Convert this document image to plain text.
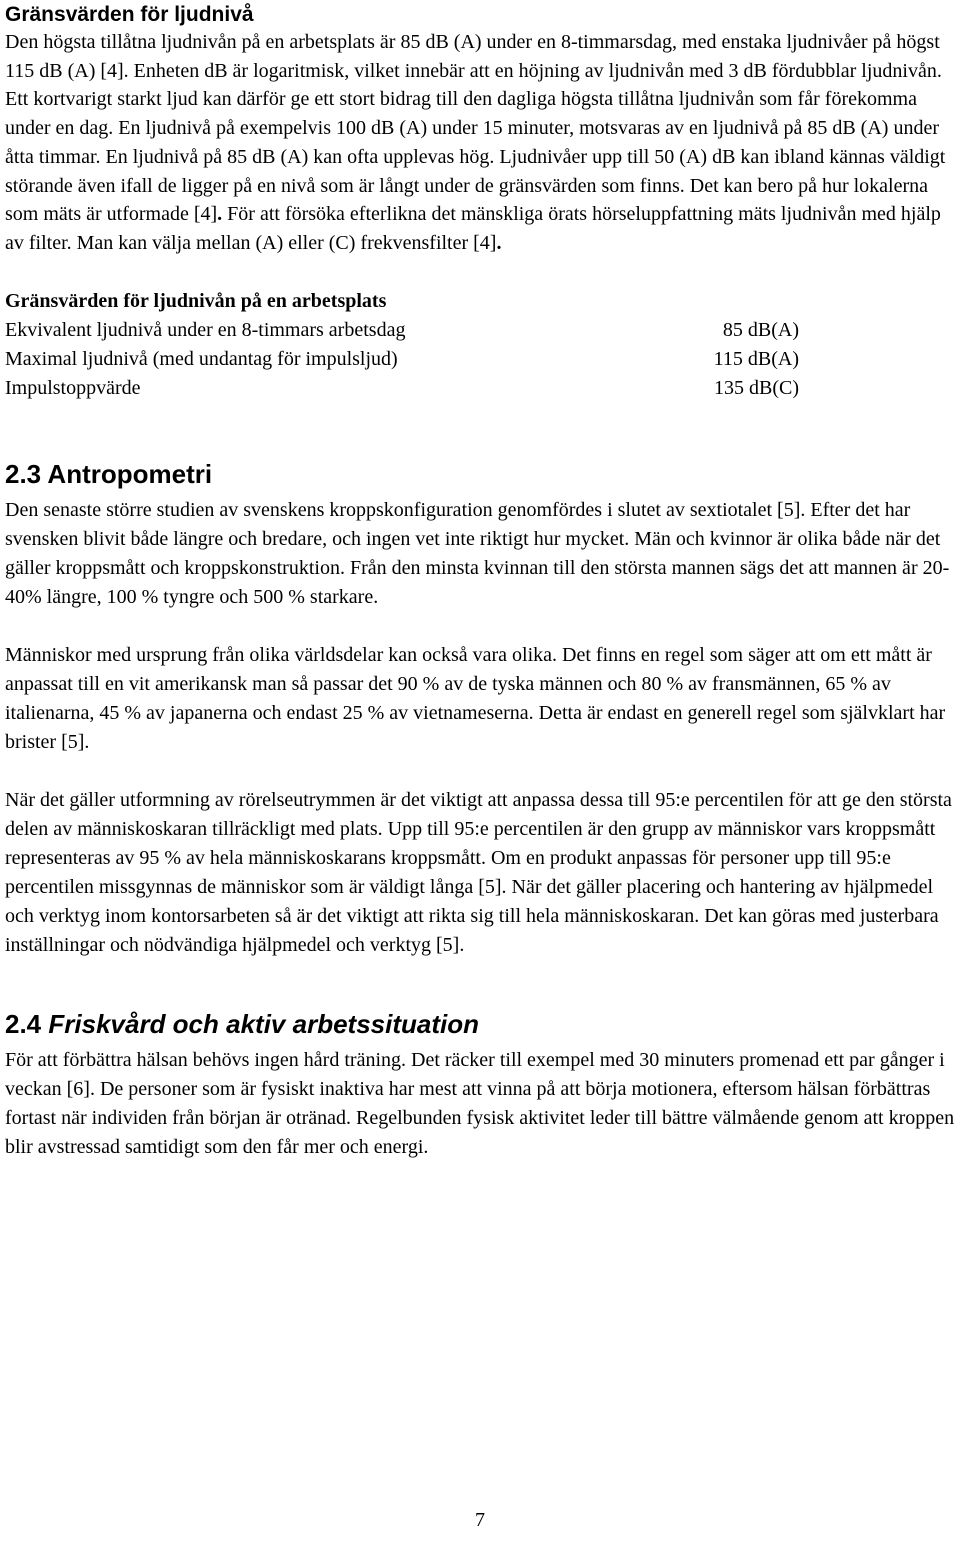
Gränsvärden för ljudnivå

Den högsta tillåtna ljudnivån på en arbetsplats är 85 dB (A) under en 8-timmarsdag, med enstaka ljudnivåer på högst 115 dB (A) [4]. Enheten dB är logaritmisk, vilket innebär att en höjning av ljudnivån med 3 dB fördubblar ljudnivån. Ett kortvarigt starkt ljud kan därför ge ett stort bidrag till den dagliga högsta tillåtna ljudnivån som får förekomma under en dag. En ljudnivå på exempelvis 100 dB (A) under 15 minuter, motsvaras av en ljudnivå på 85 dB (A) under åtta timmar. En ljudnivå på 85 dB (A) kan ofta upplevas hög. Ljudnivåer upp till 50 (A) dB kan ibland kännas väldigt störande även ifall de ligger på en nivå som är långt under de gränsvärden som finns. Det kan bero på hur lokalerna som mäts är utformade [4]. För att försöka efterlikna det mänskliga örats hörseluppfattning mäts ljudnivån med hjälp av filter. Man kan välja mellan (A) eller (C) frekvensfilter [4].

Gränsvärden för ljudnivån på en arbetsplats

Ekvivalent ljudnivå under en 8-timmars arbetsdag	85 dB(A)
Maximal ljudnivå (med undantag för impulsljud)	115 dB(A)
Impulstoppvärde	135 dB(C)
2.3 Antropometri

Den senaste större studien av svenskens kroppskonfiguration genomfördes i slutet av sextiotalet [5]. Efter det har svensken blivit både längre och bredare, och ingen vet inte riktigt hur mycket. Män och kvinnor är olika både när det gäller kroppsmått och kroppskonstruktion. Från den minsta kvinnan till den största mannen sägs det att mannen är 20-40% längre, 100 % tyngre och 500 % starkare.

Människor med ursprung från olika världsdelar kan också vara olika. Det finns en regel som säger att om ett mått är anpassat till en vit amerikansk man så passar det 90 % av de tyska männen och 80 % av fransmännen, 65 % av italienarna, 45 % av japanerna och endast 25 % av vietnameserna. Detta är endast en generell regel som självklart har brister [5].

När det gäller utformning av rörelseutrymmen är det viktigt att anpassa dessa till 95:e percentilen för att ge den största delen av människoskaran tillräckligt med plats. Upp till 95:e percentilen är den grupp av människor vars kroppsmått representeras av 95 % av hela människoskarans kroppsmått. Om en produkt anpassas för personer upp till 95:e percentilen missgynnas de människor som är väldigt långa [5]. När det gäller placering och hantering av hjälpmedel och verktyg inom kontorsarbeten så är det viktigt att rikta sig till hela människoskaran. Det kan göras med justerbara inställningar och nödvändiga hjälpmedel och verktyg [5].

2.4 Friskvård och aktiv arbetssituation

För att förbättra hälsan behövs ingen hård träning. Det räcker till exempel med 30 minuters promenad ett par gånger i veckan [6]. De personer som är fysiskt inaktiva har mest att vinna på att börja motionera, eftersom hälsan förbättras fortast när individen från början är otränad. Regelbunden fysisk aktivitet leder till bättre välmående genom att kroppen blir avstressad samtidigt som den får mer och energi.

7
